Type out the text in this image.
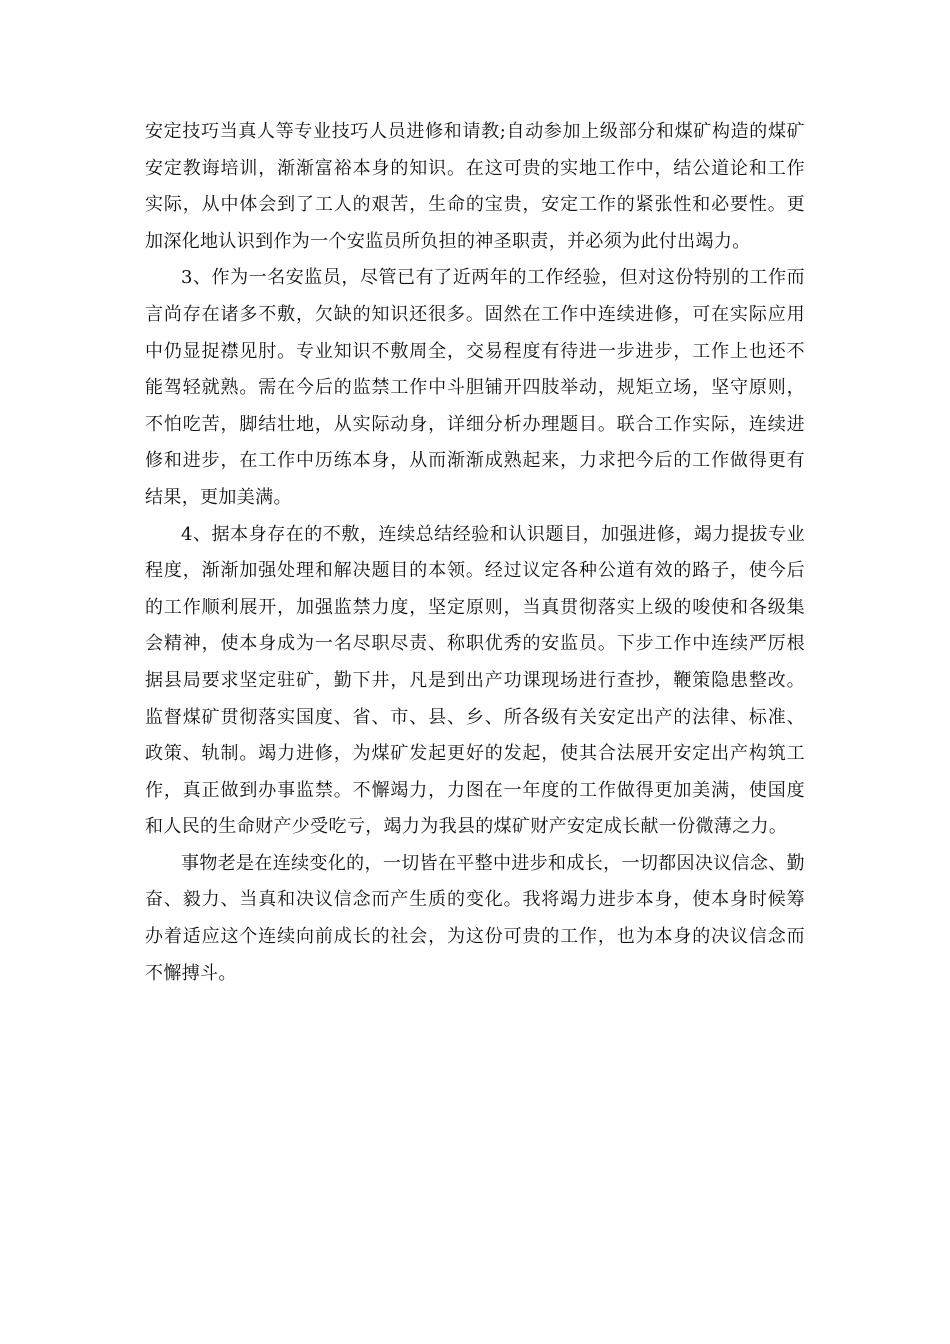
安定技巧当真人等专业技巧人员进修和请教;自动参加上级部分和煤矿构造的煤矿安定教诲培训，渐渐富裕本身的知识。在这可贵的实地工作中，结公道论和工作实际，从中体会到了工人的艰苦，生命的宝贵，安定工作的紧张性和必要性。更加深化地认识到作为一个安监员所负担的神圣职责，并必须为此付出竭力。

3、作为一名安监员，尽管已有了近两年的工作经验，但对这份特别的工作而言尚存在诸多不敷，欠缺的知识还很多。固然在工作中连续进修，可在实际应用中仍显捉襟见肘。专业知识不敷周全，交易程度有待进一步进步，工作上也还不能驾轻就熟。需在今后的监禁工作中斗胆铺开四肢举动，规矩立场，坚守原则，不怕吃苦，脚结壮地，从实际动身，详细分析办理题目。联合工作实际，连续进修和进步，在工作中历练本身，从而渐渐成熟起来，力求把今后的工作做得更有结果，更加美满。

4、据本身存在的不敷，连续总结经验和认识题目，加强进修，竭力提拔专业程度，渐渐加强处理和解决题目的本领。经过议定各种公道有效的路子，使今后的工作顺利展开，加强监禁力度，坚定原则，当真贯彻落实上级的唆使和各级集会精神，使本身成为一名尽职尽责、称职优秀的安监员。下步工作中连续严厉根据县局要求坚定驻矿，勤下井，凡是到出产功课现场进行查抄，鞭策隐患整改。监督煤矿贯彻落实国度、省、市、县、乡、所各级有关安定出产的法律、标准、政策、轨制。竭力进修，为煤矿发起更好的发起，使其合法展开安定出产构筑工作，真正做到办事监禁。不懈竭力，力图在一年度的工作做得更加美满，使国度和人民的生命财产少受吃亏，竭力为我县的煤矿财产安定成长献一份微薄之力。

事物老是在连续变化的，一切皆在平整中进步和成长，一切都因决议信念、勤奋、毅力、当真和决议信念而产生质的变化。我将竭力进步本身，使本身时候筹办着适应这个连续向前成长的社会，为这份可贵的工作，也为本身的决议信念而不懈搏斗。
